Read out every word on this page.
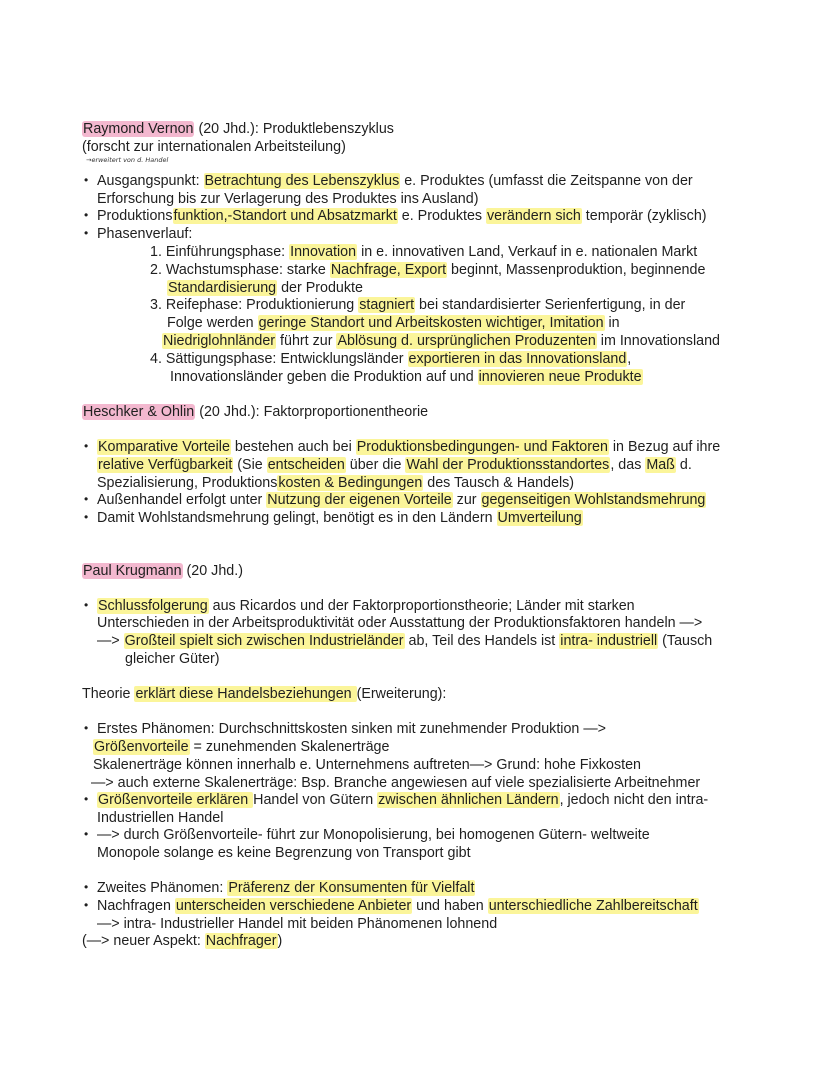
Raymond Vernon (20 Jhd.): Produktlebenszyklus
(forscht zur internationalen Arbeitsteilung)
→erweitert von d. Handel
• Ausgangspunkt: Betrachtung des Lebenszyklus e. Produktes (umfasst die Zeitspanne von der
Erforschung bis zur Verlagerung des Produktes ins Ausland)
• Produktionsfunktion,-Standort und Absatzmarkt e. Produktes verändern sich temporär (zyklisch)
• Phasenverlauf:
1. Einführungsphase: Innovation in e. innovativen Land, Verkauf in e. nationalen Markt
2. Wachstumsphase: starke Nachfrage, Export beginnt, Massenproduktion, beginnende
Standardisierung der Produkte
3. Reifephase: Produktionierung stagniert bei standardisierter Serienfertigung, in der
Folge werden geringe Standort und Arbeitskosten wichtiger, Imitation in
Niedriglohnländer führt zur Ablösung d. ursprünglichen Produzenten im Innovationsland
4. Sättigungsphase: Entwicklungsländer exportieren in das Innovationsland,
Innovationsländer geben die Produktion auf und innovieren neue Produkte
Heschker & Ohlin (20 Jhd.): Faktorproportionentheorie
• Komparative Vorteile bestehen auch bei Produktionsbedingungen- und Faktoren in Bezug auf ihre
relative Verfügbarkeit (Sie entscheiden über die Wahl der Produktionsstandortes, das Maß d.
Spezialisierung, Produktionskosten & Bedingungen des Tausch & Handels)
• Außenhandel erfolgt unter Nutzung der eigenen Vorteile zur gegenseitigen Wohlstandsmehrung
• Damit Wohlstandsmehrung gelingt, benötigt es in den Ländern Umverteilung
Paul Krugmann (20 Jhd.)
• Schlussfolgerung aus Ricardos und der Faktorproportionstheorie; Länder mit starken
Unterschieden in der Arbeitsproduktivität oder Ausstattung der Produktionsfaktoren handeln —>
—> Großteil spielt sich zwischen Industrieländer ab, Teil des Handels ist intra- industriell (Tausch
gleicher Güter)
Theorie erklärt diese Handelsbeziehungen (Erweiterung):
• Erstes Phänomen: Durchschnittskosten sinken mit zunehmender Produktion —>
Größenvorteile = zunehmenden Skalenerträge
Skalenerträge können innerhalb e. Unternehmens auftreten—> Grund: hohe Fixkosten
—> auch externe Skalenerträge: Bsp. Branche angewiesen auf viele spezialisierte Arbeitnehmer
• Größenvorteile erklären Handel von Gütern zwischen ähnlichen Ländern, jedoch nicht den intra-
Industriellen Handel
• —> durch Größenvorteile- führt zur Monopolisierung, bei homogenen Gütern- weltweite
Monopole solange es keine Begrenzung von Transport gibt
• Zweites Phänomen: Präferenz der Konsumenten für Vielfalt
• Nachfragen unterscheiden verschiedene Anbieter und haben unterschiedliche Zahlbereitschaft
—> intra- Industrieller Handel mit beiden Phänomenen lohnend
(—> neuer Aspekt: Nachfrager)
